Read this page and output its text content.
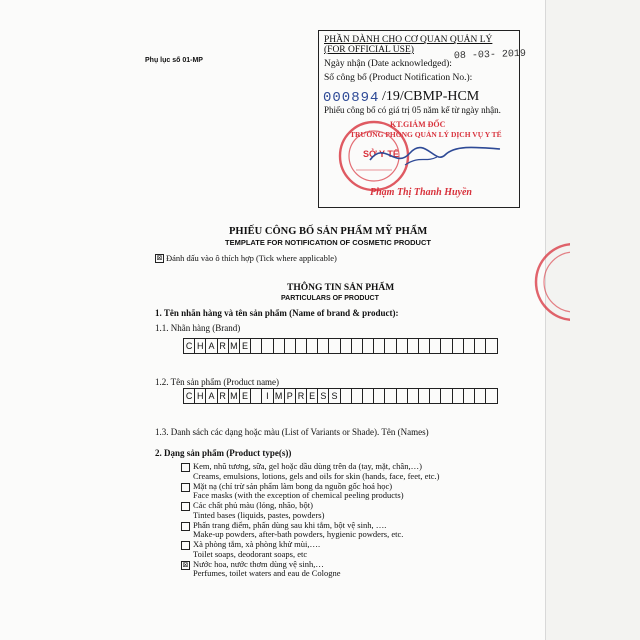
Phụ lục số 01-MP
PHẦN DÀNH CHO CƠ QUAN QUẢN LÝ
(FOR OFFICIAL USE)
Ngày nhận (Date acknowledged):
08 -03- 2019
Số công bố (Product Notification No.):
000894 /19/CBMP-HCM
Phiếu công bố có giá trị 05 năm kể từ ngày nhận.
SỞ Y TẾ
KT.GIÁM ĐỐC
TRƯỞNG PHÒNG QUẢN LÝ DỊCH VỤ Y TẾ
Phạm Thị Thanh Huyền
PHIẾU CÔNG BỐ SẢN PHẨM MỸ PHẨM
TEMPLATE FOR NOTIFICATION OF COSMETIC PRODUCT
⊠ Đánh dấu vào ô thích hợp (Tick where applicable)
THÔNG TIN SẢN PHẨM
PARTICULARS OF PRODUCT
1. Tên nhãn hàng và tên sản phẩm (Name of brand & product):
1.1. Nhãn hàng (Brand)
C H A R M E
1.2. Tên sản phẩm (Product name)
C H A R M E	I M P R E S S
1.3. Danh sách các dạng hoặc màu (List of Variants or Shade). Tên (Names)
2. Dạng sản phẩm (Product type(s))
Kem, nhũ tương, sữa, gel hoặc dầu dùng trên da (tay, mặt, chân,…)
Creams, emulsions, lotions, gels and oils for skin (hands, face, feet, etc.)
Mặt nạ (chỉ trừ sản phẩm làm bong da nguồn gốc hoá học)
Face masks (with the exception of chemical peeling products)
Các chất phủ màu (lỏng, nhão, bột)
Tinted bases (liquids, pastes, powders)
Phấn trang điểm, phấn dùng sau khi tắm, bột vệ sinh, ….
Make-up powders, after-bath powders, hygienic powders, etc.
Xà phòng tắm, xà phòng khử mùi,….
Toilet soaps, deodorant soaps, etc
⊠ Nước hoa, nước thơm dùng vệ sinh,…
Perfumes, toilet waters and eau de Cologne
